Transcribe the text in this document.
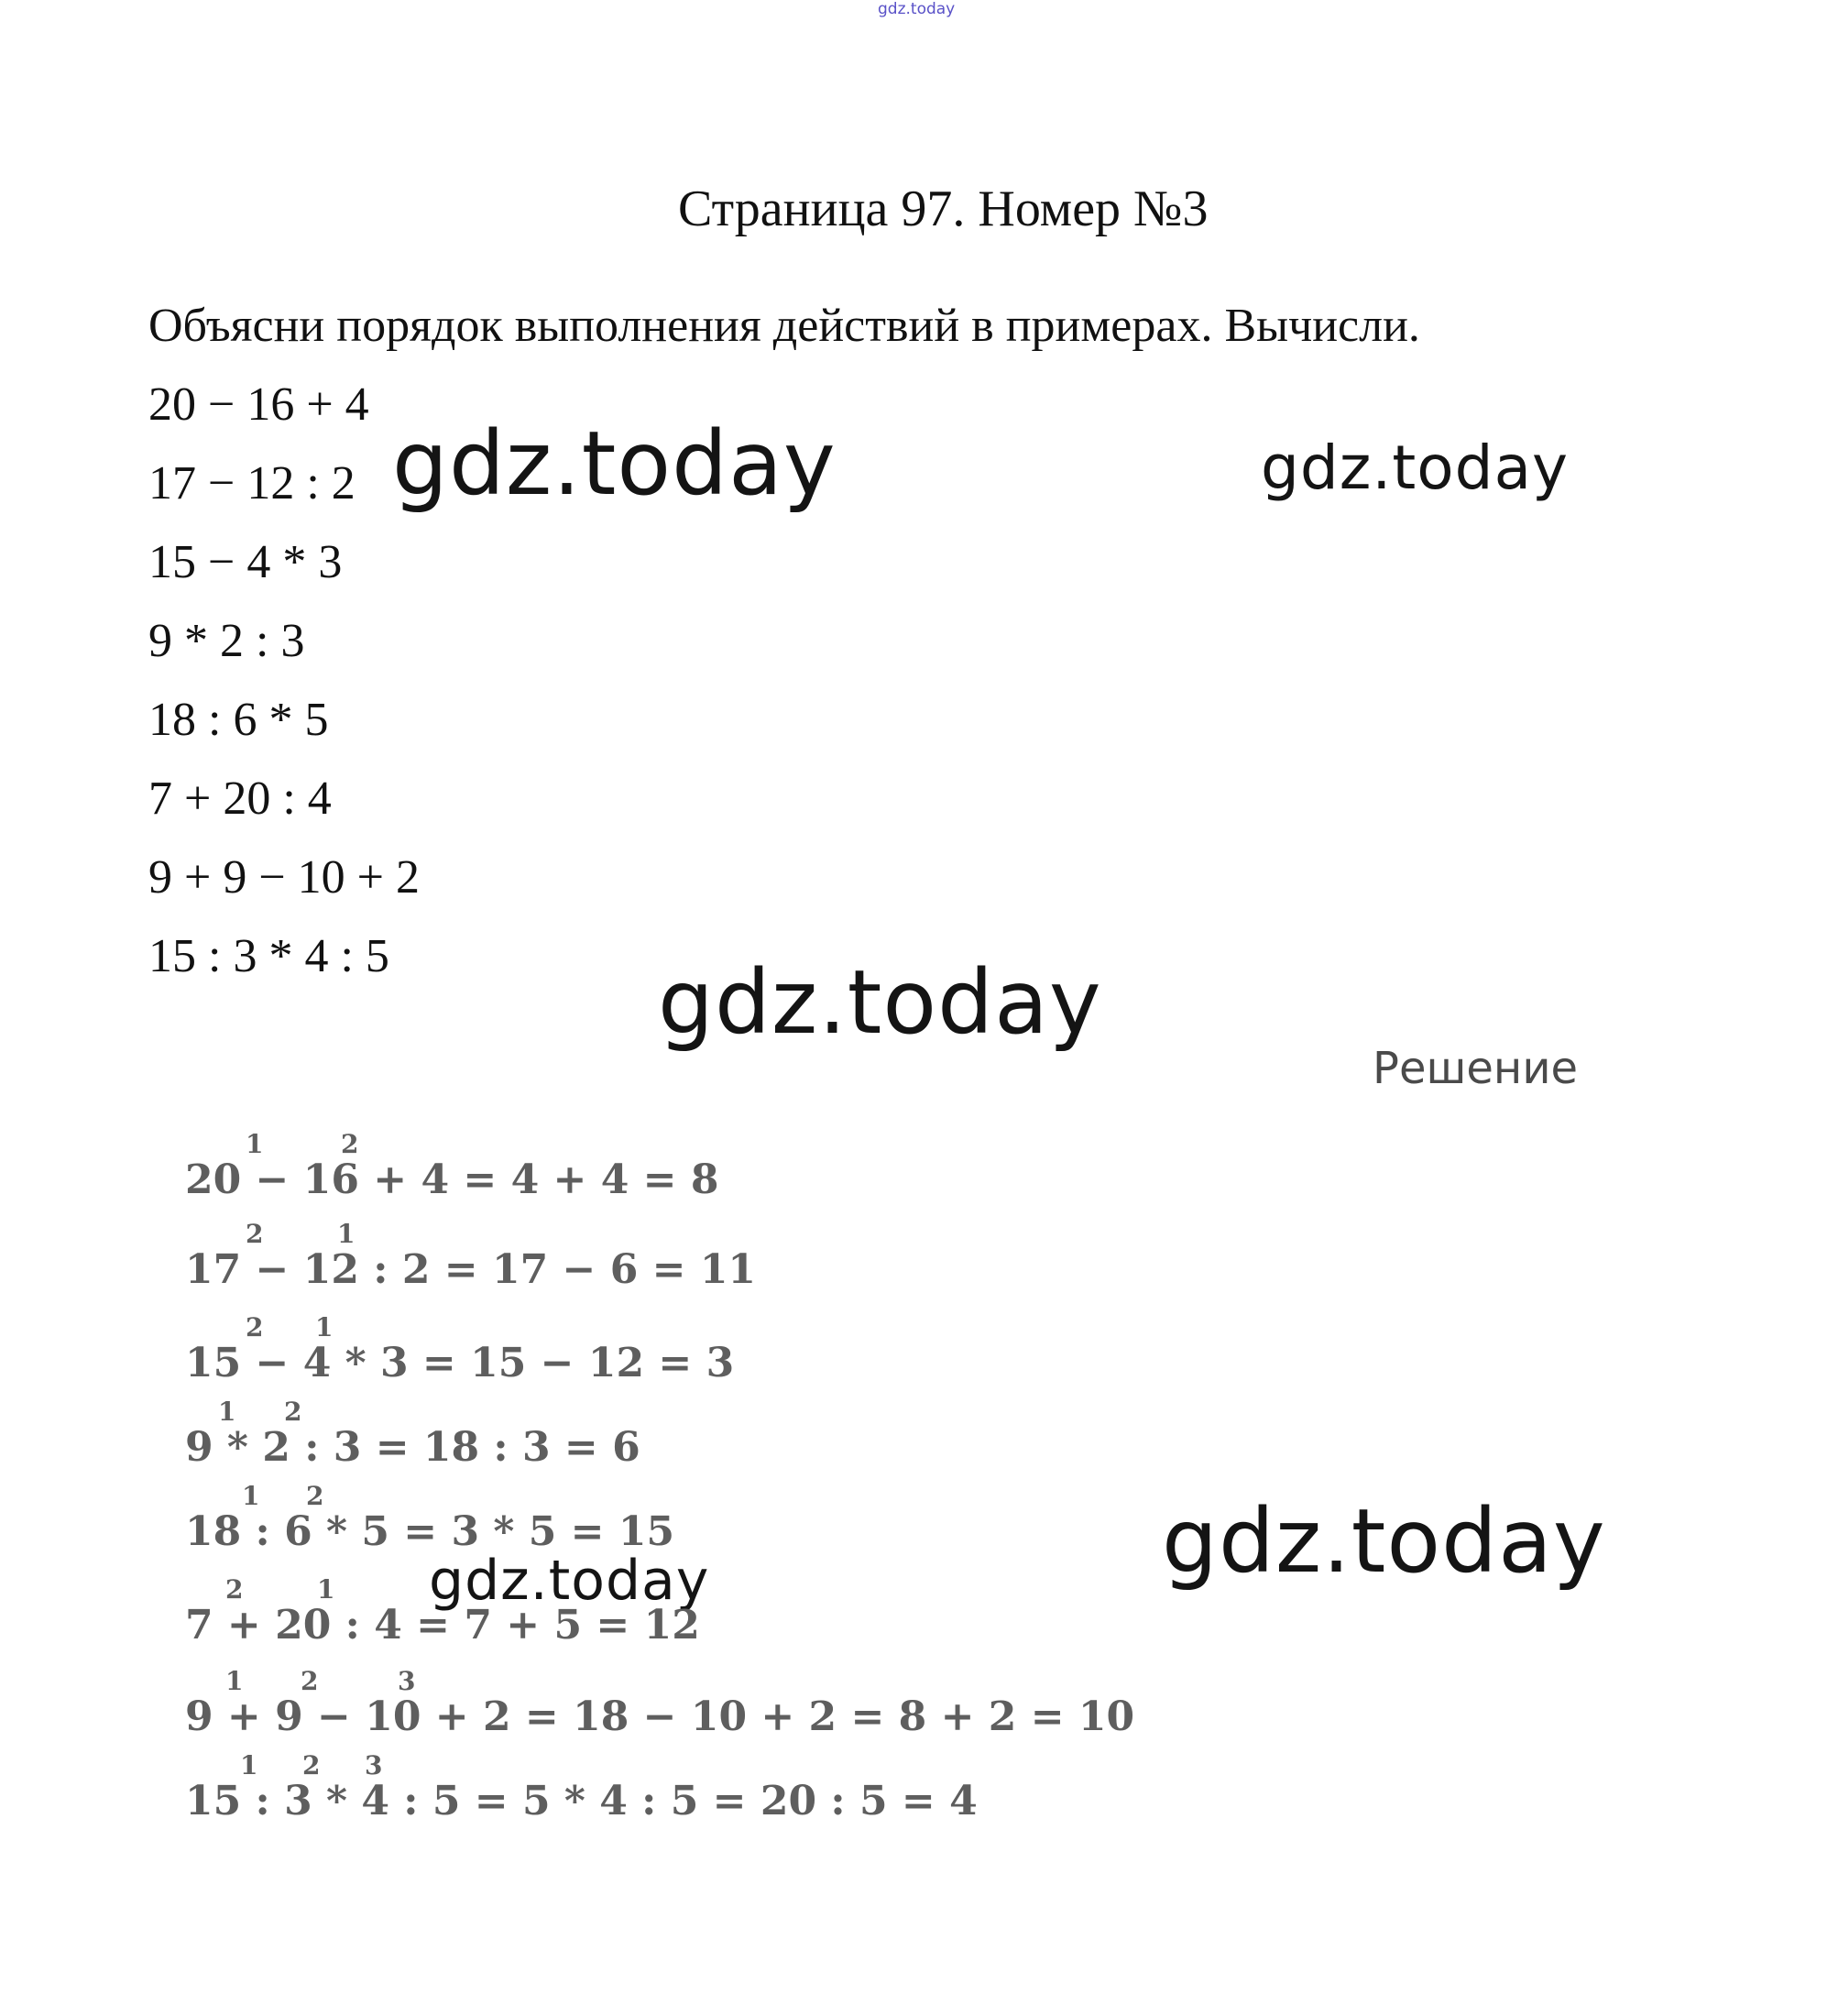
gdz.today
Страница 97. Номер №3
Объясни порядок выполнения действий в примерах. Вычисли.
20 − 16 + 4
17 − 12 : 2
15 − 4 * 3
9 * 2 : 3
18 : 6 * 5
7 + 20 : 4
9 + 9 − 10 + 2
15 : 3 * 4 : 5
gdz.today	gdz.today
gdz.today
gdz.today
gdz.today
Решение
20 − 16 + 4 = 4 + 4 = 8
1	2
17 − 12 : 2 = 17 − 6 = 11
2	1
15 − 4 * 3 = 15 − 12 = 3
2 1
9 * 2 : 3 = 18 : 3 = 6
1 2
18 : 6 * 5 = 3 * 5 = 15
1 2
7 + 20 : 4 = 7 + 5 = 12
2	1
9 + 9 − 10 + 2 = 18 − 10 + 2 = 8 + 2 = 10
1 2	3
15 : 3 * 4 : 5 = 5 * 4 : 5 = 20 : 5 = 4
1 2 3
